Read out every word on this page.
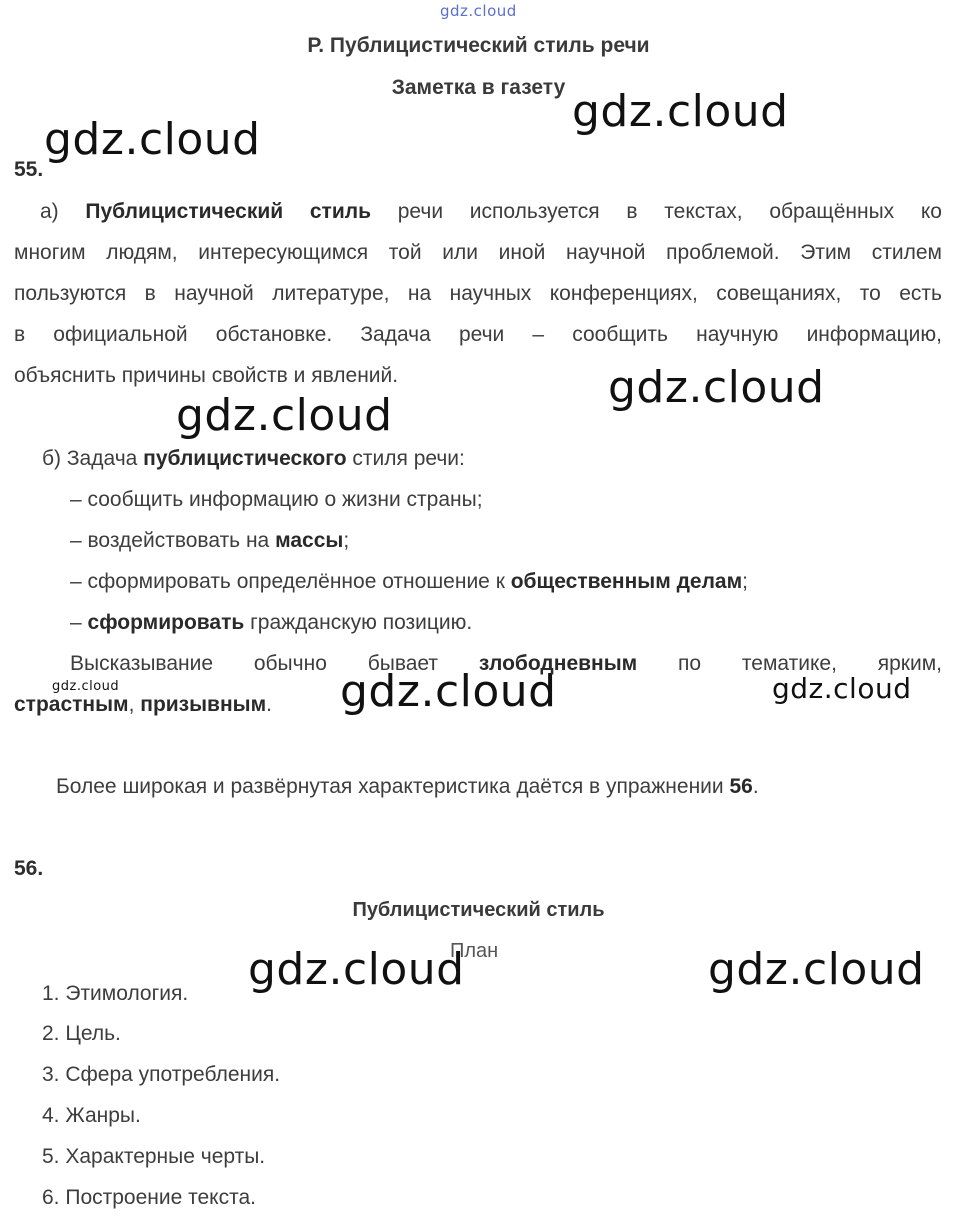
gdz.cloud
gdz.cloud
gdz.cloud
gdz.cloud
gdz.cloud
gdz.cloud	gdz.cloud	gdz.cloud
gdz.cloud	gdz.cloud
Р. Публицистический стиль речи
Заметка в газету
55.
а) Публицистический стиль речи используется в текстах, обращённых ко
многим людям, интересующимся той или иной научной проблемой. Этим стилем
пользуются в научной литературе, на научных конференциях, совещаниях, то есть
в официальной обстановке. Задача речи – сообщить научную информацию,
объяснить причины свойств и явлений.
б) Задача публицистического стиля речи:
– сообщить информацию о жизни страны;
– воздействовать на массы;
– сформировать определённое отношение к общественным делам;
– сформировать гражданскую позицию.
Высказывание обычно бывает злободневным по тематике, ярким,
страстным, призывным.
Более широкая и развёрнутая характеристика даётся в упражнении 56.
56.
Публицистический стиль
План
1. Этимология.
2. Цель.
3. Сфера употребления.
4. Жанры.
5. Характерные черты.
6. Построение текста.
